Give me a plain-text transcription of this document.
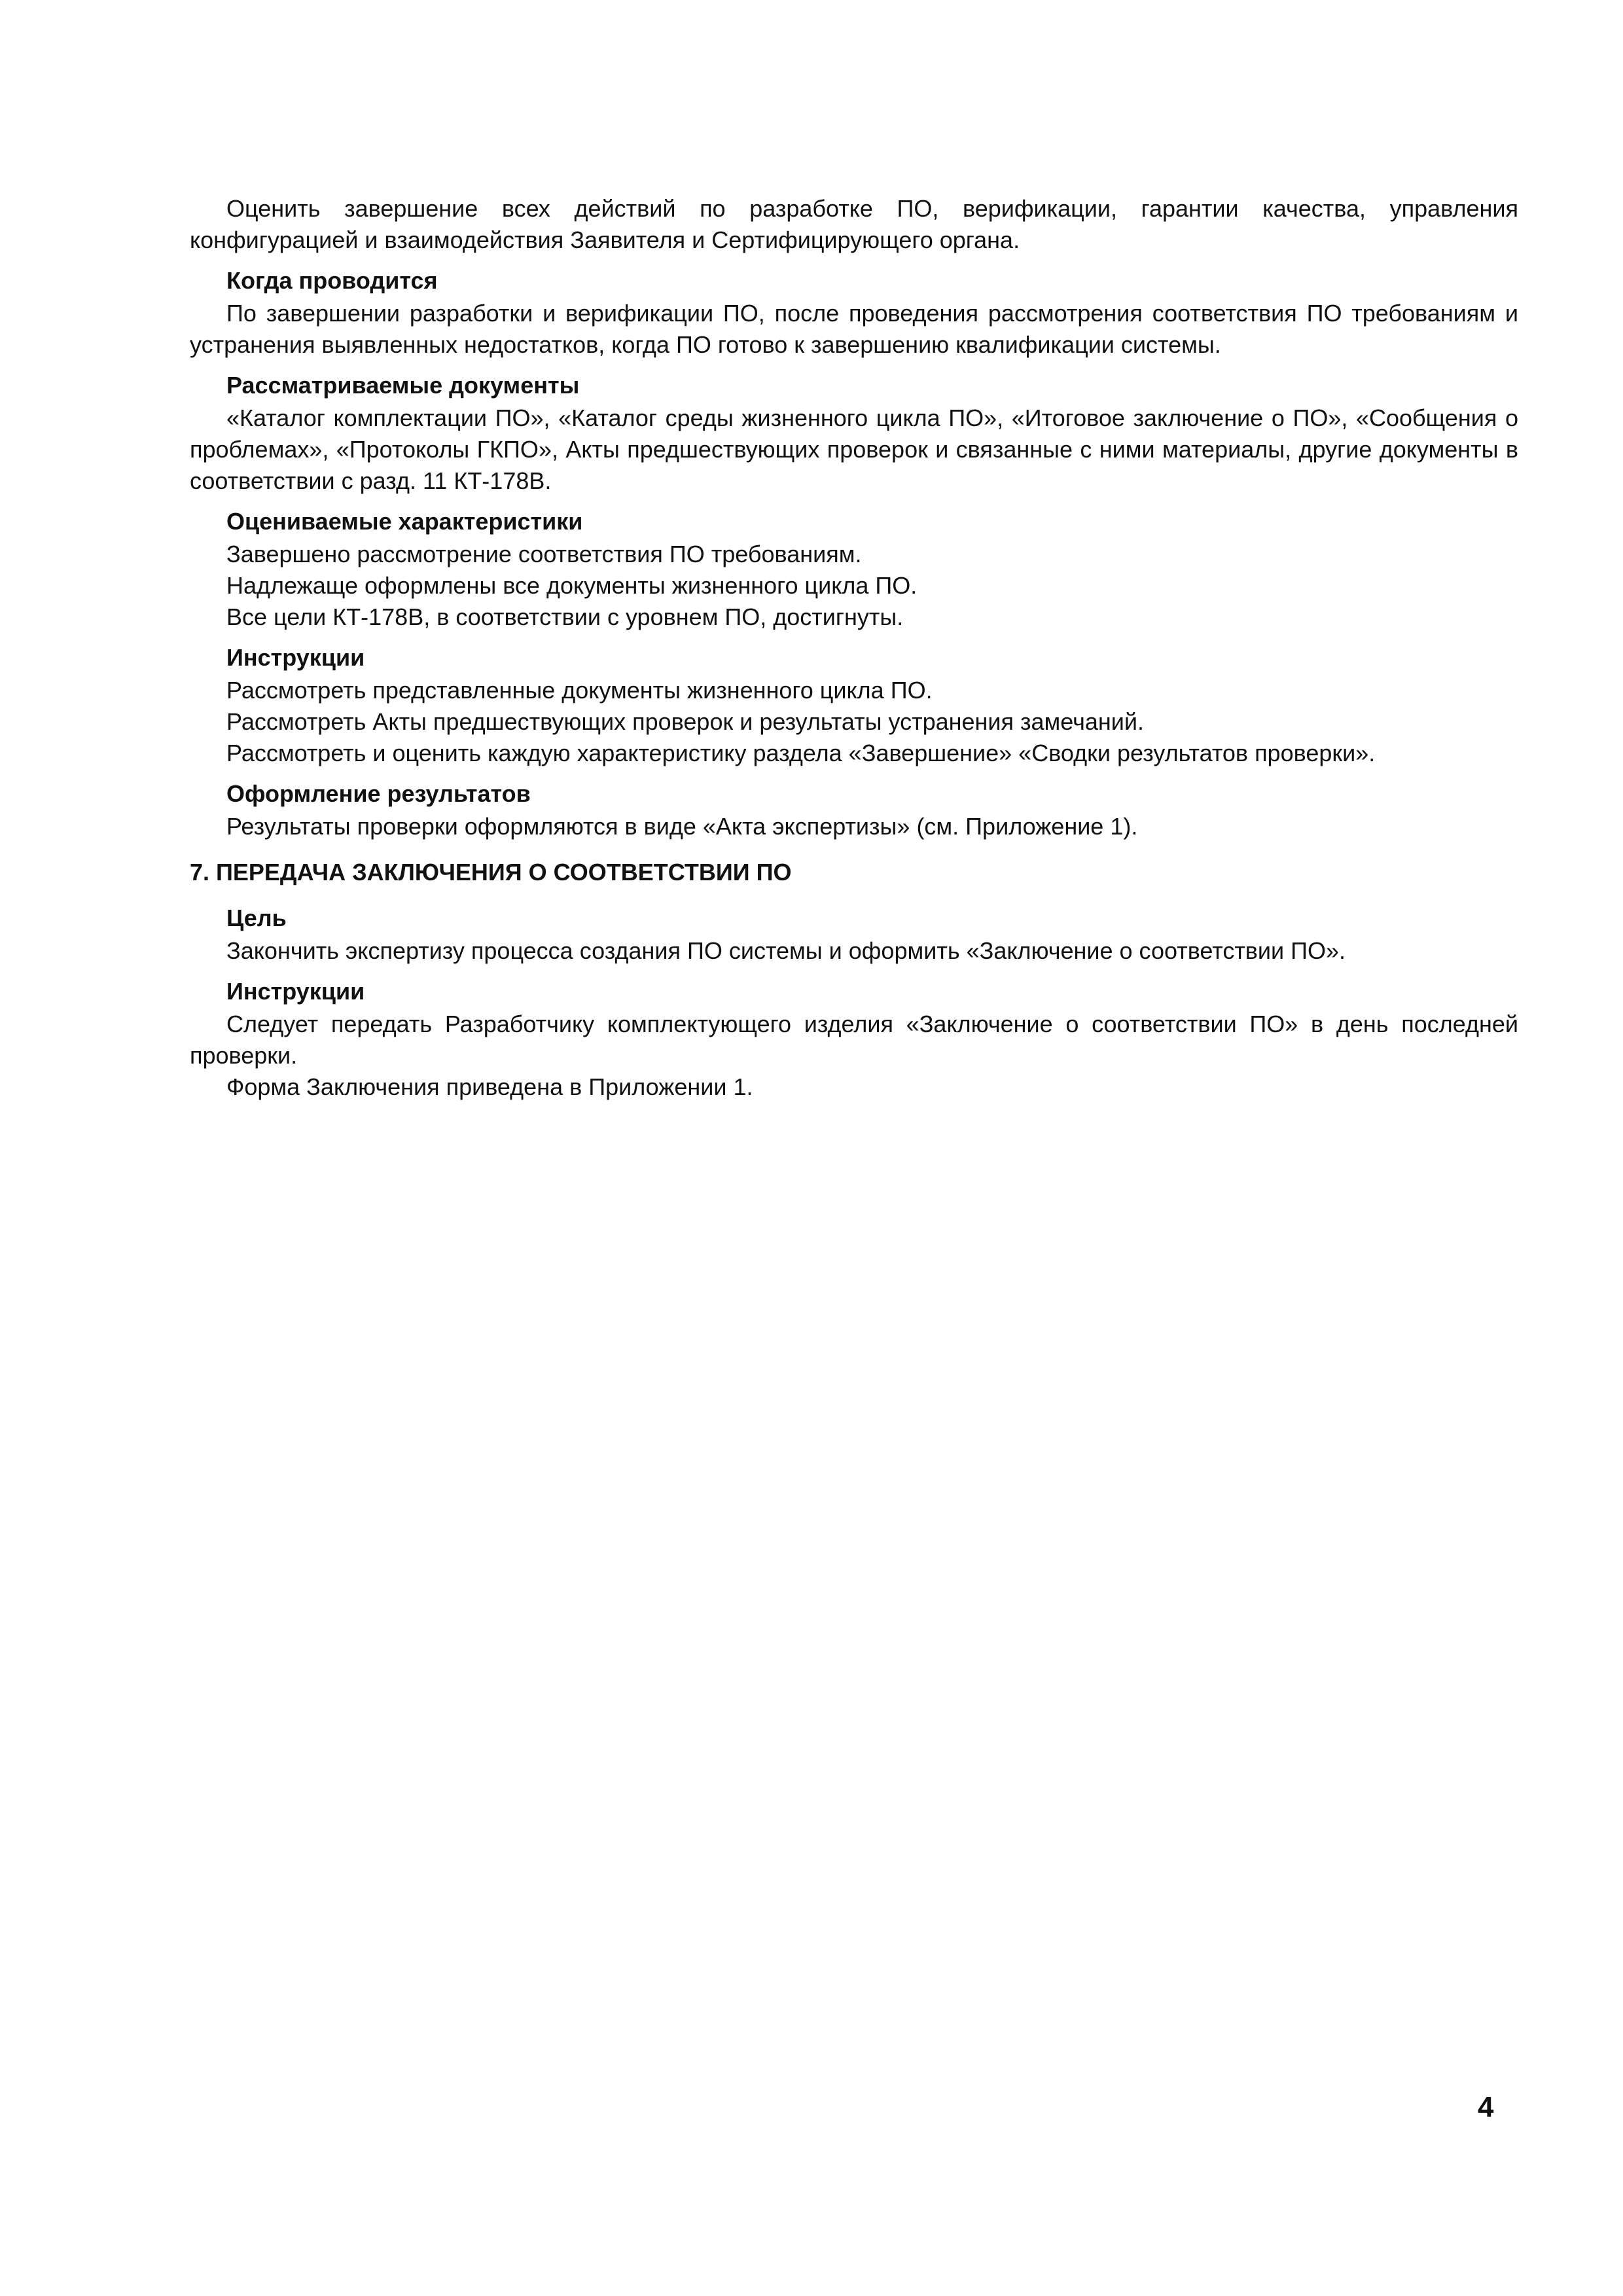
Оценить завершение всех действий по разработке ПО, верификации, гарантии качества, управления конфигурацией и взаимодействия Заявителя и Сертифицирующего органа.

Когда проводится

По завершении разработки и верификации ПО, после проведения рассмотрения соответствия ПО требованиям и устранения выявленных недостатков, когда ПО готово к завершению квалификации системы.

Рассматриваемые документы

«Каталог комплектации ПО», «Каталог среды жизненного цикла ПО», «Итоговое заключение о ПО», «Сообщения о проблемах», «Протоколы ГКПО», Акты предшествующих проверок и связанные с ними материалы, другие документы в соответствии с разд. 11 КТ-178В.

Оцениваемые характеристики

Завершено рассмотрение соответствия ПО требованиям.

Надлежаще оформлены все документы жизненного цикла ПО.

Все цели КТ-178В, в соответствии с уровнем ПО, достигнуты.

Инструкции

Рассмотреть представленные документы жизненного цикла ПО.

Рассмотреть Акты предшествующих проверок и результаты устранения замечаний.

Рассмотреть и оценить каждую характеристику раздела «Завершение» «Сводки результатов проверки».

Оформление результатов

Результаты проверки оформляются в виде «Акта экспертизы» (см. Приложение 1).

7. ПЕРЕДАЧА ЗАКЛЮЧЕНИЯ О СООТВЕТСТВИИ ПО
Цель

Закончить экспертизу процесса создания ПО системы и оформить «Заключение о соответствии ПО».

Инструкции

Следует передать Разработчику комплектующего изделия «Заключение о соответствии ПО» в день последней проверки.

Форма Заключения приведена в Приложении 1.

4
